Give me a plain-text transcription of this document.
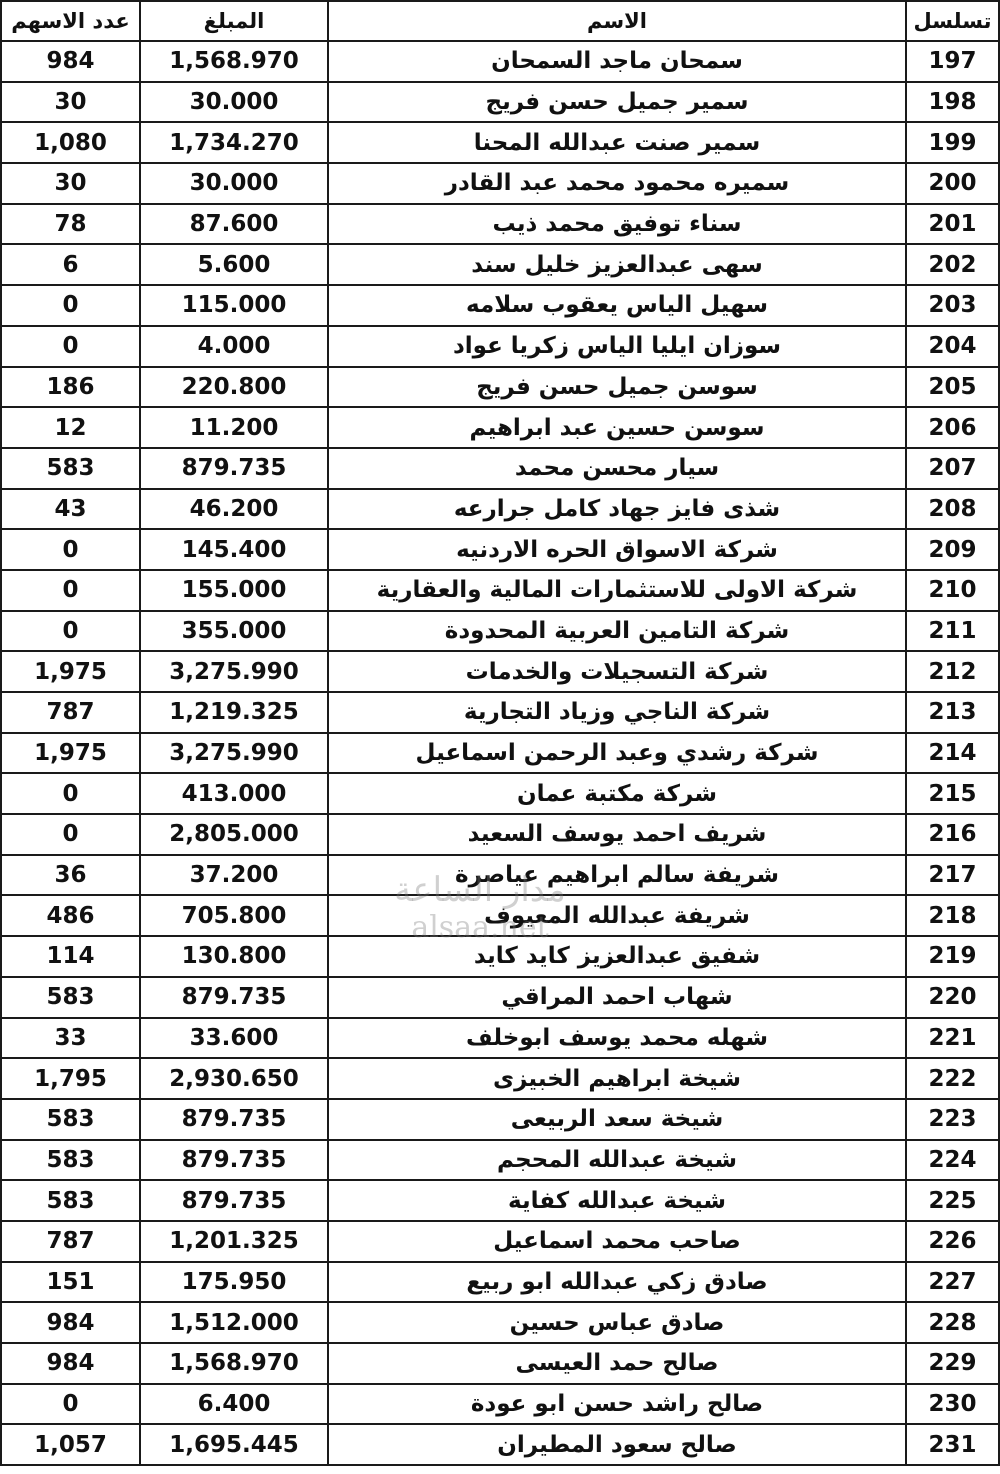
تسلسل	الاسم	المبلغ	عدد الاسهم
197	سمحان ماجد السمحان	1,568.970	984
198	سمير جميل حسن فريج	30.000	30
199	سمير صنت عبدالله المحنا	1,734.270	1,080
200	سميره محمود محمد عبد القادر	30.000	30
201	سناء توفيق محمد ذيب	87.600	78
202	سهى عبدالعزيز خليل سند	5.600	6
203	سهيل الياس يعقوب سلامه	115.000	0
204	سوزان ايليا الياس زكريا عواد	4.000	0
205	سوسن جميل حسن فريج	220.800	186
206	سوسن حسين عبد ابراهيم	11.200	12
207	سيار محسن محمد	879.735	583
208	شذى فايز جهاد كامل جرارعه	46.200	43
209	شركة الاسواق الحره الاردنيه	145.400	0
210	شركة الاولى للاستثمارات المالية والعقارية	155.000	0
211	شركة التامين العربية المحدودة	355.000	0
212	شركة التسجيلات والخدمات	3,275.990	1,975
213	شركة الناجي وزياد التجارية	1,219.325	787
214	شركة رشدي وعبد الرحمن اسماعيل	3,275.990	1,975
215	شركة مكتبة عمان	413.000	0
216	شريف احمد يوسف السعيد	2,805.000	0
217	شريفة سالم ابراهيم عياصرة	37.200	36
218	شريفة عبدالله المعيوف	705.800	486
219	شفيق عبدالعزيز كايد كايد	130.800	114
220	شهاب احمد المراقي	879.735	583
221	شهله محمد يوسف ابوخلف	33.600	33
222	شيخة ابراهيم الخبيزى	2,930.650	1,795
223	شيخة سعد الربيعى	879.735	583
224	شيخة عبدالله المحجم	879.735	583
225	شيخة عبدالله كفاية	879.735	583
226	صاحب محمد اسماعيل	1,201.325	787
227	صادق زكي عبدالله ابو ربيع	175.950	151
228	صادق عباس حسين	1,512.000	984
229	صالح حمد العيسى	1,568.970	984
230	صالح راشد حسن ابو عودة	6.400	0
231	صالح سعود المطيران	1,695.445	1,057
مدار الساعة
alsaa.net
